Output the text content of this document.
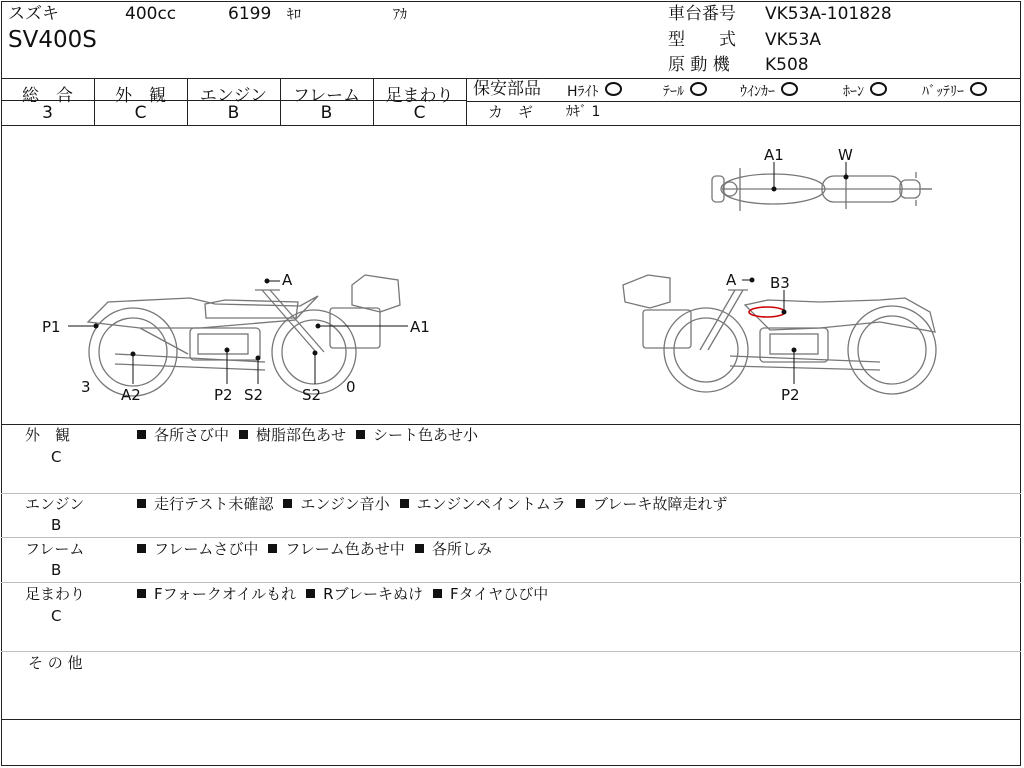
スズキ	400cc	6199 ｷﾛ	ｱｶ
SV400S
車台番号 VK53A-101828
型　　式 VK53A
原 動 機 K508
総　合
3
外　観
C
エンジン
B
フレーム
B
足まわり
C
保安部品 Hﾗｲﾄ	ﾃｰﾙ	ｳｲﾝｶｰ	ﾎｰﾝ	ﾊﾞｯﾃﾘｰ
カ　ギ ｶｷﾞ 1
A1	W
A
P1	A1
3 A2	P2 S2	S2 0
A B3
P2
外　観
C
各所さび中 樹脂部色あせ シート色あせ小
エンジン
B
走行テスト未確認 エンジン音小 エンジンペイントムラ ブレーキ故障走れず
フレーム
B
フレームさび中 フレーム色あせ中 各所しみ
足まわり
C
Fフォークオイルもれ Rブレーキぬけ Fタイヤひび中
そ の 他
